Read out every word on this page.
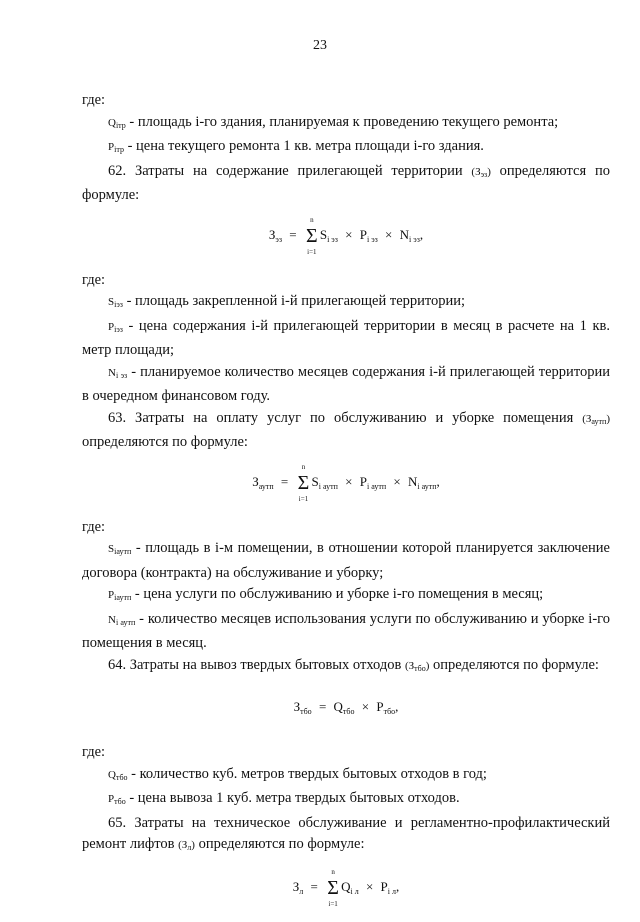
23

где:

$Q_{iтр}$ - площадь i-го здания, планируемая к проведению текущего ремонта;

$P_{iтр}$ - цена текущего ремонта 1 кв. метра площади i-го здания.

62. Затраты на содержание прилегающей территории $(З_{эз})$ определяются по формуле:

$З_{эз}$ =
n
Σ
i=1
$S_{i эз} \times P_{i эз} \times N_{i эз}$,

где:

$S_{iэз}$ - площадь закрепленной i-й прилегающей территории;

$P_{iэз}$ - цена содержания i-й прилегающей территории в месяц в расчете на 1 кв. метр площади;

$N_{i эз}$ - планируемое количество месяцев содержания i-й прилегающей территории в очередном финансовом году.

63. Затраты на оплату услуг по обслуживанию и уборке помещения $(З_{аутп})$ определяются по формуле:

$З_{аутп}$ =
n
Σ
i=1
$S_{i аутп} \times P_{i аутп} \times N_{i аутп}$,

где:

$S_{iаутп}$ - площадь в i-м помещении, в отношении которой планируется заключение договора (контракта) на обслуживание и уборку;

$P_{iаутп}$ - цена услуги по обслуживанию и уборке i-го помещения в месяц;

$N_{i аутп}$ - количество месяцев использования услуги по обслуживанию и уборке i-го помещения в месяц.

64. Затраты на вывоз твердых бытовых отходов $(З_{тбо})$ определяются по формуле:

$З_{тбо} = Q_{тбо} \times P_{тбо}$,

где:

$Q_{тбо}$ - количество куб. метров твердых бытовых отходов в год;

$P_{тбо}$ - цена вывоза 1 куб. метра твердых бытовых отходов.

65. Затраты на техническое обслуживание и регламентно-профилактический ремонт лифтов $(З_л)$ определяются по формуле:

$З_л$ =
n
Σ
i=1
$Q_{i л} \times P_{i л}$,
